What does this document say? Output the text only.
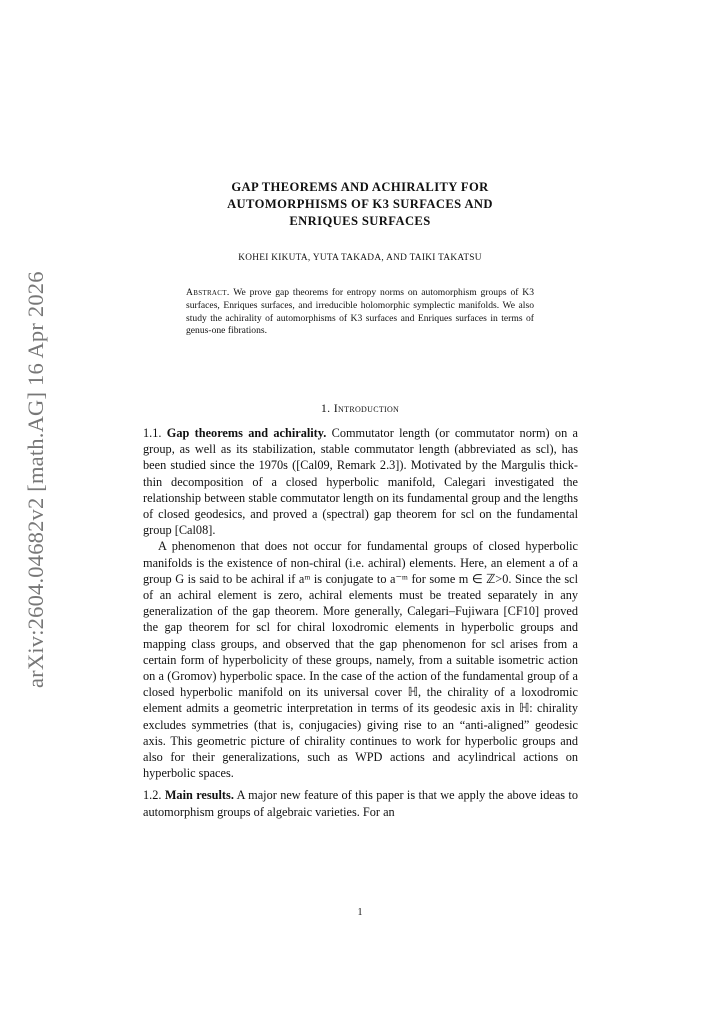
arXiv:2604.04682v2 [math.AG] 16 Apr 2026
GAP THEOREMS AND ACHIRALITY FOR
AUTOMORPHISMS OF K3 SURFACES AND
ENRIQUES SURFACES
KOHEI KIKUTA, YUTA TAKADA, AND TAIKI TAKATSU
Abstract. We prove gap theorems for entropy norms on automorphism groups of K3 surfaces, Enriques surfaces, and irreducible holomorphic symplectic manifolds. We also study the achirality of automorphisms of K3 surfaces and Enriques surfaces in terms of genus-one fibrations.
1. Introduction

1.1. Gap theorems and achirality. Commutator length (or commutator norm) on a group, as well as its stabilization, stable commutator length (abbreviated as scl), has been studied since the 1970s ([Cal09, Remark 2.3]). Motivated by the Margulis thick-thin decomposition of a closed hyperbolic manifold, Calegari investigated the relationship between stable commutator length on its fundamental group and the lengths of closed geodesics, and proved a (spectral) gap theorem for scl on the fundamental group [Cal08].

A phenomenon that does not occur for fundamental groups of closed hyperbolic manifolds is the existence of non-chiral (i.e. achiral) elements. Here, an element a of a group G is said to be achiral if aᵐ is conjugate to a⁻ᵐ for some m ∈ ℤ>0. Since the scl of an achiral element is zero, achiral elements must be treated separately in any generalization of the gap theorem. More generally, Calegari–Fujiwara [CF10] proved the gap theorem for scl for chiral loxodromic elements in hyperbolic groups and mapping class groups, and observed that the gap phenomenon for scl arises from a certain form of hyperbolicity of these groups, namely, from a suitable isometric action on a (Gromov) hyperbolic space. In the case of the action of the fundamental group of a closed hyperbolic manifold on its universal cover ℍ, the chirality of a loxodromic element admits a geometric interpretation in terms of its geodesic axis in ℍ: chirality excludes symmetries (that is, conjugacies) giving rise to an “anti-aligned” geodesic axis. This geometric picture of chirality continues to work for hyperbolic groups and also for their generalizations, such as WPD actions and acylindrical actions on hyperbolic spaces.

1.2. Main results. A major new feature of this paper is that we apply the above ideas to automorphism groups of algebraic varieties. For an

1
